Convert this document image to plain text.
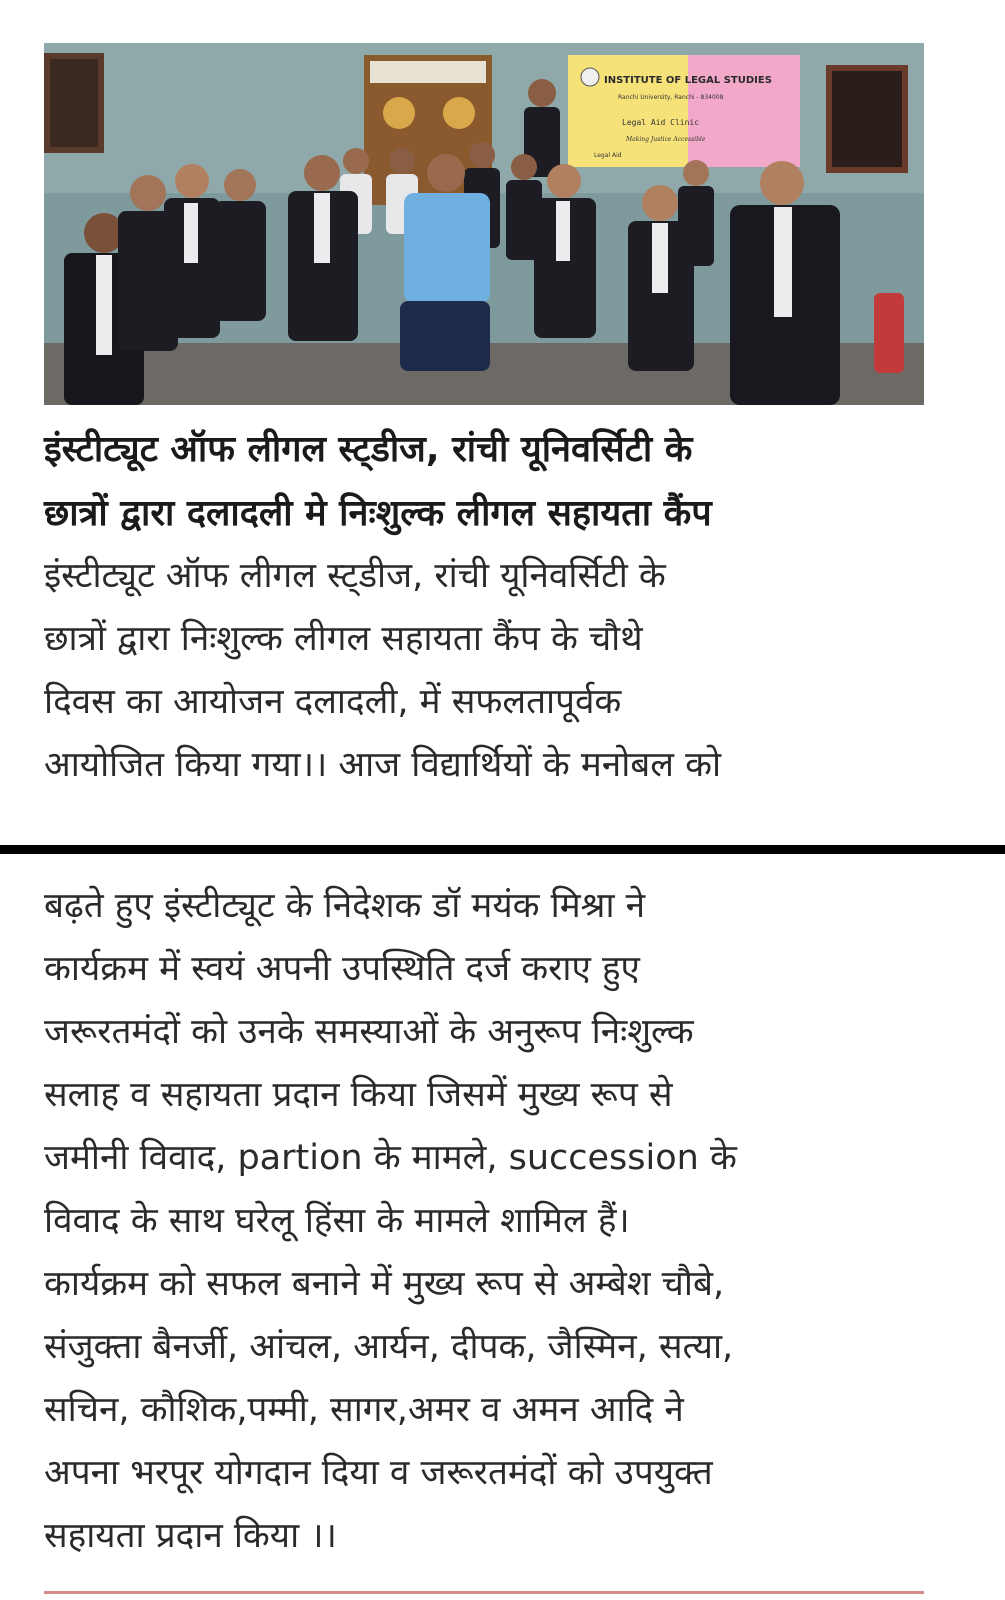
INSTITUTE OF LEGAL STUDIES
Ranchi University, Ranchi - 834008
Legal Aid Clinic
Making Justice Accessible
Legal Aid
इंस्टीट्यूट ऑफ लीगल स्ट्डीज, रांची यूनिवर्सिटी के
छात्रों द्वारा दलादली मे निःशुल्क लीगल सहायता कैंप
इंस्टीट्यूट ऑफ लीगल स्ट्डीज, रांची यूनिवर्सिटी के
छात्रों द्वारा निःशुल्क लीगल सहायता कैंप के चौथे
दिवस का आयोजन दलादली, में सफलतापूर्वक
आयोजित किया गया।। आज विद्यार्थियों के मनोबल को
बढ़ते हुए इंस्टीट्यूट के निदेशक डॉ मयंक मिश्रा ने
कार्यक्रम में स्वयं अपनी उपस्थिति दर्ज कराए हुए
जरूरतमंदों को उनके समस्याओं के अनुरूप निःशुल्क
सलाह व सहायता प्रदान किया जिसमें मुख्य रूप से
जमीनी विवाद, partion के मामले, succession के
विवाद के साथ घरेलू हिंसा के मामले शामिल हैं।
कार्यक्रम को सफल बनाने में मुख्य रूप से अम्बेश चौबे,
संजुक्ता बैनर्जी, आंचल, आर्यन, दीपक, जैस्मिन, सत्या,
सचिन, कौशिक,पम्मी, सागर,अमर व अमन आदि ने
अपना भरपूर योगदान दिया व जरूरतमंदों को उपयुक्त
सहायता प्रदान किया ।।
